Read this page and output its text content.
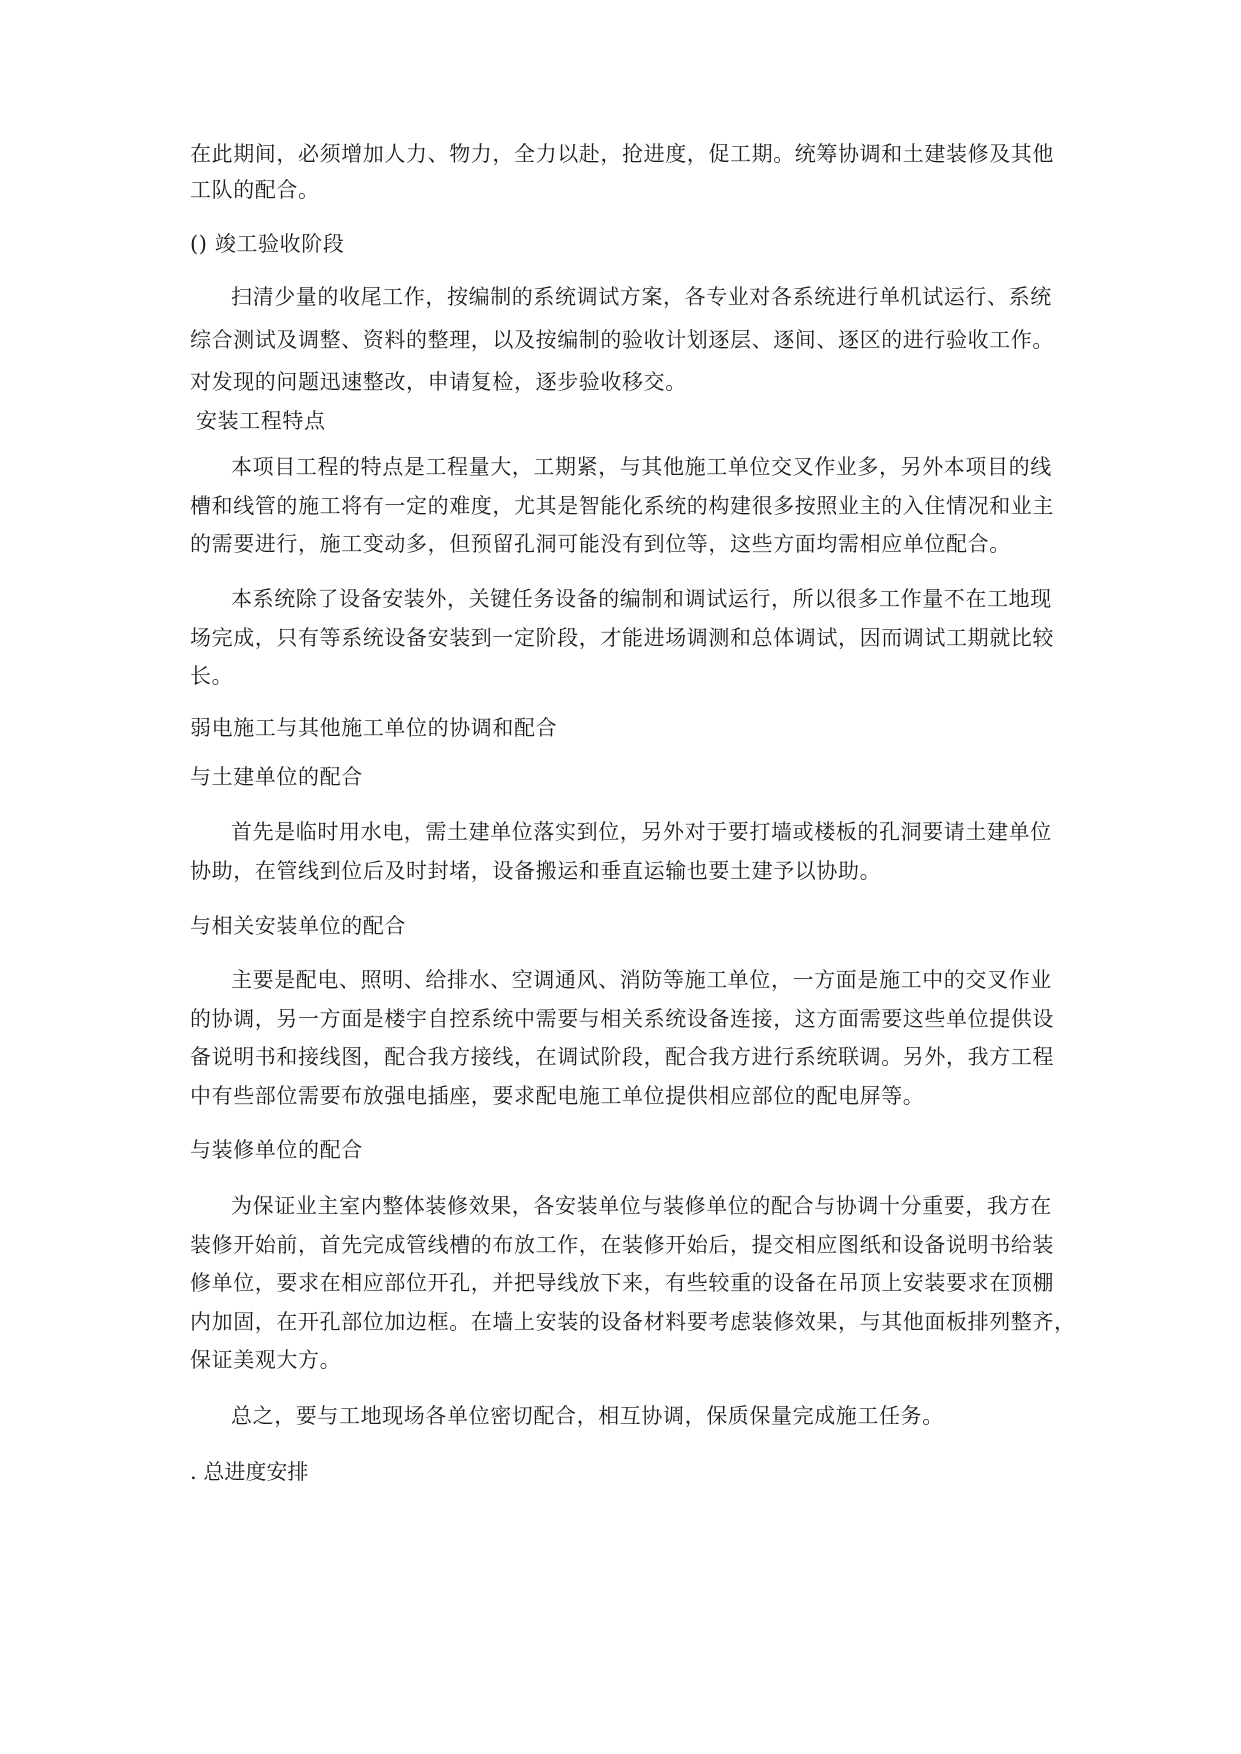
在此期间，必须增加人力、物力，全力以赴，抢进度，促工期。统筹协调和土建装修及其他

工队的配合。

() 竣工验收阶段

扫清少量的收尾工作，按编制的系统调试方案，各专业对各系统进行单机试运行、系统

综合测试及调整、资料的整理，以及按编制的验收计划逐层、逐间、逐区的进行验收工作。

对发现的问题迅速整改，申请复检，逐步验收移交。

安装工程特点

本项目工程的特点是工程量大，工期紧，与其他施工单位交叉作业多，另外本项目的线

槽和线管的施工将有一定的难度，尤其是智能化系统的构建很多按照业主的入住情况和业主

的需要进行，施工变动多，但预留孔洞可能没有到位等，这些方面均需相应单位配合。

本系统除了设备安装外，关键任务设备的编制和调试运行，所以很多工作量不在工地现

场完成，只有等系统设备安装到一定阶段，才能进场调测和总体调试，因而调试工期就比较

长。

弱电施工与其他施工单位的协调和配合

与土建单位的配合

首先是临时用水电，需土建单位落实到位，另外对于要打墙或楼板的孔洞要请土建单位

协助，在管线到位后及时封堵，设备搬运和垂直运输也要土建予以协助。

与相关安装单位的配合

主要是配电、照明、给排水、空调通风、消防等施工单位，一方面是施工中的交叉作业

的协调，另一方面是楼宇自控系统中需要与相关系统设备连接，这方面需要这些单位提供设

备说明书和接线图，配合我方接线，在调试阶段，配合我方进行系统联调。另外，我方工程

中有些部位需要布放强电插座，要求配电施工单位提供相应部位的配电屏等。

与装修单位的配合

为保证业主室内整体装修效果，各安装单位与装修单位的配合与协调十分重要，我方在

装修开始前，首先完成管线槽的布放工作，在装修开始后，提交相应图纸和设备说明书给装

修单位，要求在相应部位开孔，并把导线放下来，有些较重的设备在吊顶上安装要求在顶棚

内加固，在开孔部位加边框。在墙上安装的设备材料要考虑装修效果，与其他面板排列整齐，

保证美观大方。

总之，要与工地现场各单位密切配合，相互协调，保质保量完成施工任务。

. 总进度安排
